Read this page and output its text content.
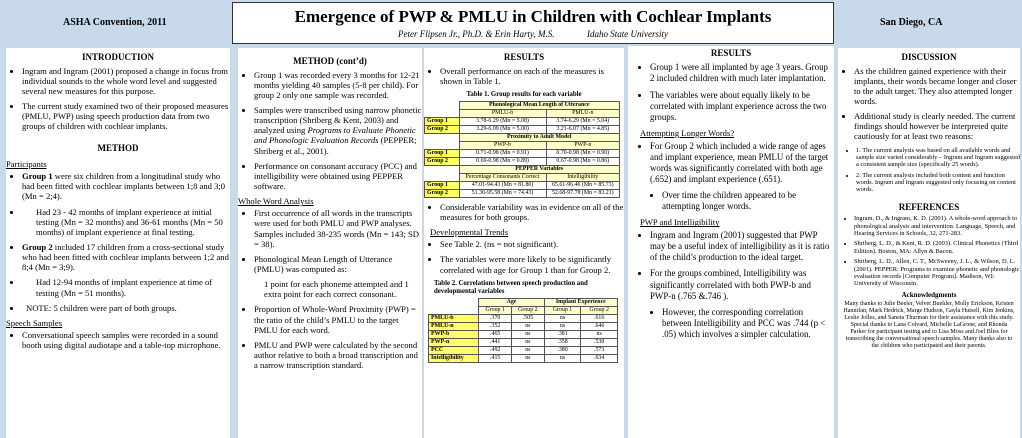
ASHA Convention, 2011	San Diego, CA
Emergence of PWP & PMLU in Children with Cochlear Implants
Peter Flipsen Jr., Ph.D. & Erin Harty, M.S.	Idaho State University
INTRODUCTION
• Ingram and Ingram (2001) proposed a change in focus from individual sounds to the whole word level and suggested several new measures for this purpose.
• The current study examined two of their proposed measures (PMLU, PWP) using speech production data from two groups of children with cochlear implants.
METHOD
Participants
• Group 1 were six children from a longitudinal study who had been fitted with cochlear implants between 1;8 and 3;0 (Mn = 2;4).
• Had 23 - 42 months of implant experience at initial testing (Mn = 32 months) and 36-61 months (Mn = 50 months) of implant experience at final testing.
• Group 2 included 17 children from a cross-sectional study who had been fitted with cochlear implants between 1;2 and 8;4 (Mn = 3;9).
• Had 12-94 months of implant experience at time of testing (Mn = 51 months).
• NOTE: 5 children were part of both groups.
Speech Samples
• Conversational speech samples were recorded in a sound booth using digital audiotape and a table-top microphone.
METHOD (cont’d)
• Group 1 was recorded every 3 months for 12-21 months yielding 40 samples (5-8 per child). For group 2 only one sample was recorded.
• Samples were transcribed using narrow phonetic transcription (Shriberg & Kent, 2003) and analyzed using Programs to Evaluate Phonetic and Phonologic Evaluation Records (PEPPER; Shriberg et al., 2001).
• Performance on consonant accuracy (PCC) and intelligibility were obtained using PEPPER software.
Whole Word Analysis
• First occurrence of all words in the transcripts were used for both PMLU and PWP analyses. Samples included 38-235 words (Mn = 143; SD = 38).
• Phonological Mean Length of Utterance (PMLU) was computed as:
1 point for each phoneme attempted and 1 extra point for each correct consonant.
• Proportion of Whole-Word Proximity (PWP) = the ratio of the child’s PMLU to the target PMLU for each word.
• PMLU and PWP were calculated by the second author relative to both a broad transcription and a narrow transcription standard.
RESULTS
• Overall performance on each of the measures is shown in Table 1.
Table 1. Group results for each variable
	Phonological Mean Length of Utterance	
	PMLU-b	PMLU-n
Group 1	3.78-6.29 (Mn = 5.08)	3.74-6.29 (Mn = 5.04)
Group 2	3.29-6.09 (Mn = 5.00)	3.21-6.07 (Mn = 4.85)
	Proximity to Adult Model	
	PWP-b	PWP-n
Group 1	0.71-0.98 (Mn = 0.91)	0.70-0.98 (Mn = 0.90)
Group 2	0.69-0.98 (Mn = 0.89)	0.67-0.98 (Mn = 0.86)
	PEPPER Variables	
	Percentage Consonants Correct	Intelligibility
Group 1	47.01-94.43 (Mn = 81.80)	65.61-96.46 (Mn = 85.73)
Group 2	51.30-95.58 (Mn = 74.43)	52.68-97.78 (Mn = 83.21)
• Considerable variability was in evidence on all of the measures for both groups.
Developmental Trends
• See Table 2. (ns = not significant).
• The variables were more likely to be significantly correlated with age for Group 1 than for Group 2.
Table 2. Correlations between speech production and developmental variables
	Age		Implant Experience	
	Group 1	Group 2	Group 1	Group 2
PMLU-b	.370	.505	ns	.616
PMLU-n	.352	ns	ns	.646
PWP-b	.465	ns	.381	ns
PWP-n	.441	ns	.358	.530
PCC	.492	ns	.380	.573
Intelligibility	.415	ns	ns	.634
RESULTS
• Group 1 were all implanted by age 3 years. Group 2 included children with much later implantation.
• The variables were about equally likely to be correlated with implant experience across the two groups.
Attempting Longer Words?
• For Group 2 which included a wide range of ages and implant experience, mean PMLU of the target words was significantly correlated with both age (.652) and implant experience (.651).
• Over time the children appeared to be attempting longer words.
PWP and Intelligibility
• Ingram and Ingram (2001) suggested that PWP may be a useful index of intelligibility as it is ratio of the child’s production to the ideal target.
• For the groups combined, Intelligibility was significantly correlated with both PWP-b and PWP-n (.765 &.746 ).
• However, the corresponding correlation between Intelligibility and PCC was .744 (p < .05) which involves a simpler calculation.
DISCUSSION
• As the children gained experience with their implants, their words became longer and closer to the adult target. They also attempted longer words.
• Additional study is clearly needed. The current findings should however be interpreted quite cautiously for at least two reasons:
• 1. The current analysis was based on all available words and sample size varied considerably – Ingram and Ingram suggested a consistent sample size (specifically 25 words).
• 2. The current analysis included both content and function words. Ingram and Ingram suggested only focusing on content words.
REFERENCES
• Ingram, D., & Ingram, K. D. (2001). A whole-word approach to phonological analysis and intervention. Language, Speech, and Hearing Services in Schools, 32, 271-283.
• Shriberg, L. D., & Kent, R. D. (2003). Clinical Phonetics (Third Edition). Boston, MA: Allyn & Bacon.
• Shriberg, L. D., Allen, C. T., McSweeny, J. L., & Wilson, D. L. (2001). PEPPER: Programs to examine phonetic and phonologic evaluation records [Computer Program]. Madison, WI: University of Wisconsin.
Acknowledgments
Many thanks to Julie Beeler, Velvet Buehler, Molly Erickson, Kristen Hannifan, Mark Hedrick, Marge Hudson, Gayla Hutsell, Kim Jenkins, Leslie Jolles, and Saneta Thurman for their assistance with this study. Special thanks to Lana Colvard, Michelle LaGrone, and Rhonda Parker for participant testing and to Lisa Moss and Joel Bliss for transcribing the conversational speech samples. Many thanks also to the children who participated and their parents.
